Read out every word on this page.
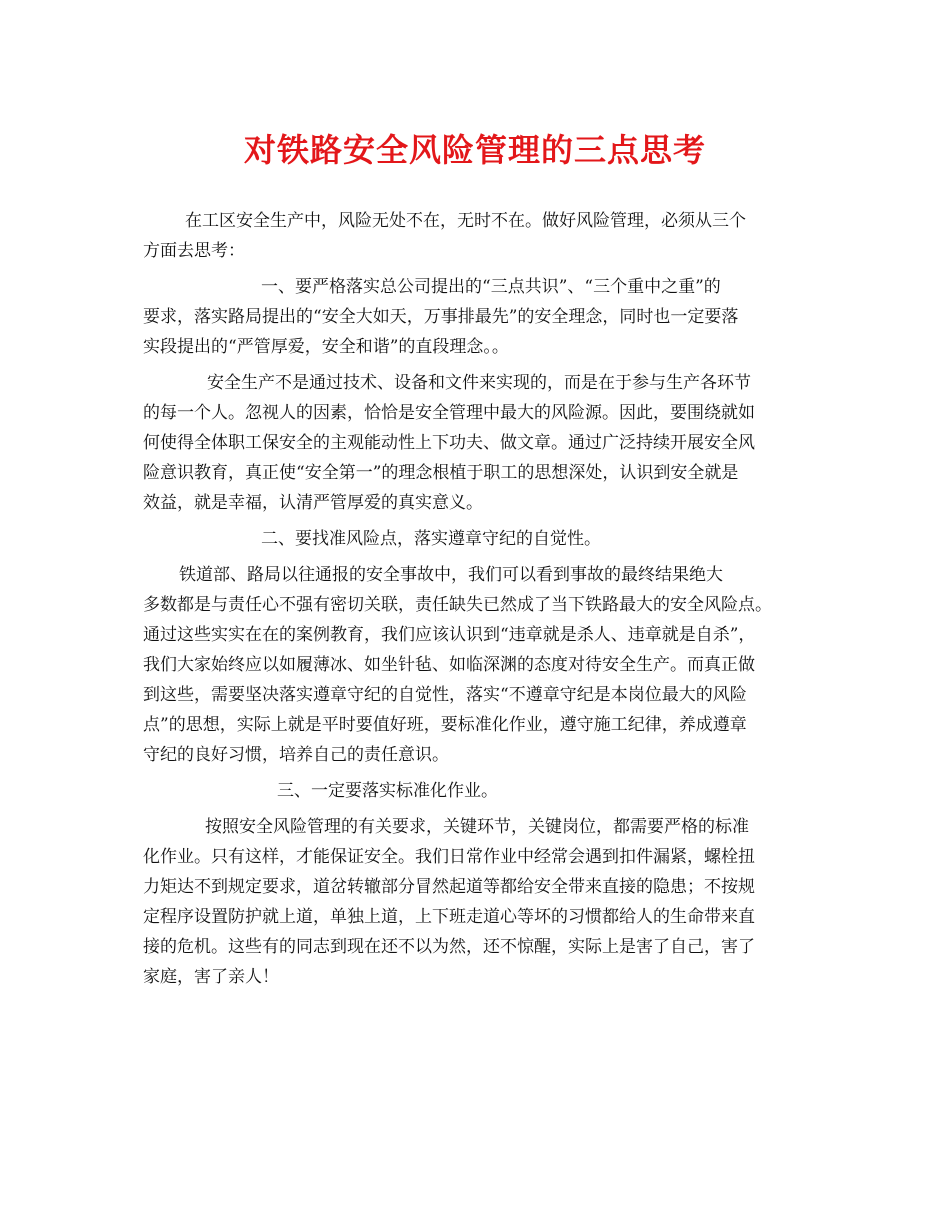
对铁路安全风险管理的三点思考
在工区安全生产中，风险无处不在，无时不在。做好风险管理，必须从三个
方面去思考：
一、要严格落实总公司提出的“三点共识”、“三个重中之重”的
要求，落实路局提出的“安全大如天，万事排最先”的安全理念，同时也一定要落
实段提出的“严管厚爱，安全和谐”的直段理念。。
安全生产不是通过技术、设备和文件来实现的，而是在于参与生产各环节
的每一个人。忽视人的因素，恰恰是安全管理中最大的风险源。因此，要围绕就如
何使得全体职工保安全的主观能动性上下功夫、做文章。通过广泛持续开展安全风
险意识教育，真正使“安全第一”的理念根植于职工的思想深处，认识到安全就是
效益，就是幸福，认清严管厚爱的真实意义。
二、要找准风险点，落实遵章守纪的自觉性。
铁道部、路局以往通报的安全事故中，我们可以看到事故的最终结果绝大
多数都是与责任心不强有密切关联，责任缺失已然成了当下铁路最大的安全风险点。
通过这些实实在在的案例教育，我们应该认识到“违章就是杀人、违章就是自杀”，
我们大家始终应以如履薄冰、如坐针毡、如临深渊的态度对待安全生产。而真正做
到这些，需要坚决落实遵章守纪的自觉性，落实“不遵章守纪是本岗位最大的风险
点”的思想，实际上就是平时要值好班，要标准化作业，遵守施工纪律，养成遵章
守纪的良好习惯，培养自己的责任意识。
三、一定要落实标准化作业。
按照安全风险管理的有关要求，关键环节，关键岗位，都需要严格的标准
化作业。只有这样，才能保证安全。我们日常作业中经常会遇到扣件漏紧，螺栓扭
力矩达不到规定要求，道岔转辙部分冒然起道等都给安全带来直接的隐患；不按规
定程序设置防护就上道，单独上道，上下班走道心等坏的习惯都给人的生命带来直
接的危机。这些有的同志到现在还不以为然，还不惊醒，实际上是害了自己，害了
家庭，害了亲人！
